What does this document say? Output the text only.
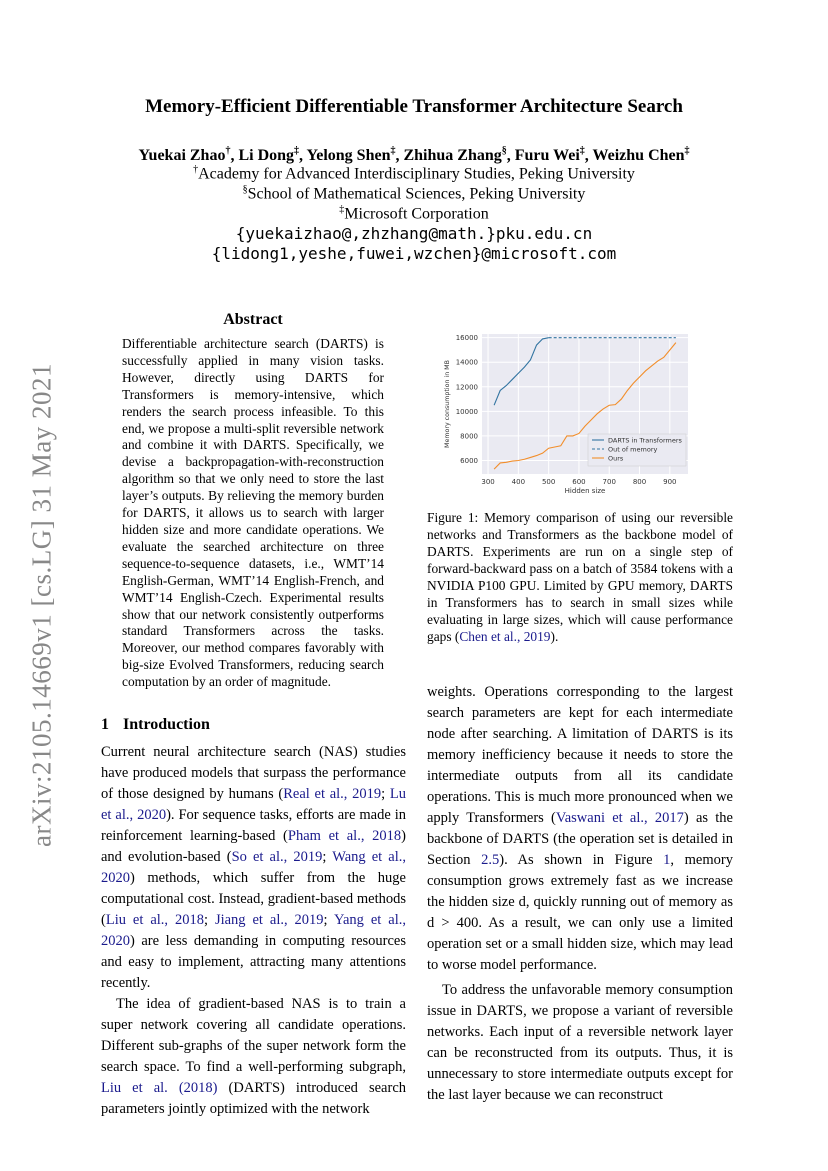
arXiv:2105.14669v1 [cs.LG] 31 May 2021
Memory-Efficient Differentiable Transformer Architecture Search
Yuekai Zhao†, Li Dong‡, Yelong Shen‡, Zhihua Zhang§, Furu Wei‡, Weizhu Chen‡
†Academy for Advanced Interdisciplinary Studies, Peking University
§School of Mathematical Sciences, Peking University
‡Microsoft Corporation
{yuekaizhao@,zhzhang@math.}pku.edu.cn
{lidong1,yeshe,fuwei,wzchen}@microsoft.com
Abstract
Differentiable architecture search (DARTS) is successfully applied in many vision tasks. However, directly using DARTS for Transformers is memory-intensive, which renders the search process infeasible. To this end, we propose a multi-split reversible network and combine it with DARTS. Specifically, we devise a backpropagation-with-reconstruction algorithm so that we only need to store the last layer’s outputs. By relieving the memory burden for DARTS, it allows us to search with larger hidden size and more candidate operations. We evaluate the searched architecture on three sequence-to-sequence datasets, i.e., WMT’14 English-German, WMT’14 English-French, and WMT’14 English-Czech. Experimental results show that our network consistently outperforms standard Transformers across the tasks. Moreover, our method compares favorably with big-size Evolved Transformers, reducing search computation by an order of magnitude.
1 Introduction

Current neural architecture search (NAS) studies have produced models that surpass the performance of those designed by humans (Real et al., 2019; Lu et al., 2020). For sequence tasks, efforts are made in reinforcement learning-based (Pham et al., 2018) and evolution-based (So et al., 2019; Wang et al., 2020) methods, which suffer from the huge computational cost. Instead, gradient-based methods (Liu et al., 2018; Jiang et al., 2019; Yang et al., 2020) are less demanding in computing resources and easy to implement, attracting many attentions recently.

The idea of gradient-based NAS is to train a super network covering all candidate operations. Different sub-graphs of the super network form the search space. To find a well-performing subgraph, Liu et al. (2018) (DARTS) introduced search parameters jointly optimized with the network

6000
8000
10000
12000
14000
16000
300 400 500 600 700 800 900
Hidden size
Memory consumption in MB	DARTS in Transformers
Out of memory
Ours

Figure 1: Memory comparison of using our reversible networks and Transformers as the backbone model of DARTS. Experiments are run on a single step of forward-backward pass on a batch of 3584 tokens with a NVIDIA P100 GPU. Limited by GPU memory, DARTS in Transformers has to search in small sizes while evaluating in large sizes, which will cause performance gaps (Chen et al., 2019).

weights. Operations corresponding to the largest search parameters are kept for each intermediate node after searching. A limitation of DARTS is its memory inefficiency because it needs to store the intermediate outputs from all its candidate operations. This is much more pronounced when we apply Transformers (Vaswani et al., 2017) as the backbone of DARTS (the operation set is detailed in Section 2.5). As shown in Figure 1, memory consumption grows extremely fast as we increase the hidden size d, quickly running out of memory as d > 400. As a result, we can only use a limited operation set or a small hidden size, which may lead to worse model performance.

To address the unfavorable memory consumption issue in DARTS, we propose a variant of reversible networks. Each input of a reversible network layer can be reconstructed from its outputs. Thus, it is unnecessary to store intermediate outputs except for the last layer because we can reconstruct
